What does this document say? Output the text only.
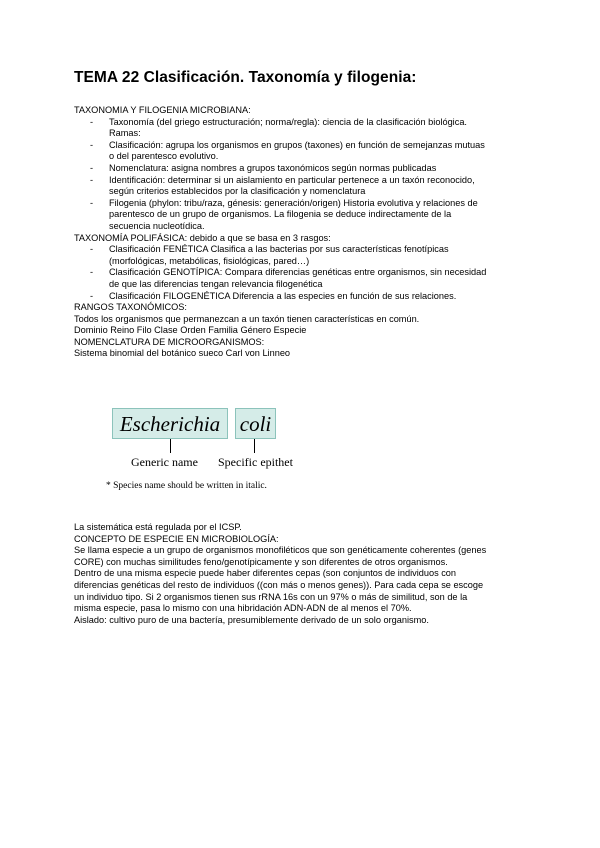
TEMA 22 Clasificación. Taxonomía y filogenia:
TAXONOMIA Y FILOGENIA MICROBIANA:
- Taxonomía (del griego estructuración; norma/regla): ciencia de la clasificación biológica.
Ramas:
- Clasificación: agrupa los organismos en grupos (taxones) en función de semejanzas mutuas
o del parentesco evolutivo.
- Nomenclatura: asigna nombres a grupos taxonómicos según normas publicadas
- Identificación: determinar si un aislamiento en particular pertenece a un taxón reconocido,
según criterios establecidos por la clasificación y nomenclatura
- Filogenia (phylon: tribu/raza, génesis: generación/origen) Historia evolutiva y relaciones de
parentesco de un grupo de organismos. La filogenia se deduce indirectamente de la
secuencia nucleotídica.
TAXONOMÍA POLIFÁSICA: debido a que se basa en 3 rasgos:
- Clasificación FENÉTICA Clasifica a las bacterias por sus características fenotípicas
(morfológicas, metabólicas, fisiológicas, pared…)
- Clasificación GENOTÍPICA: Compara diferencias genéticas entre organismos, sin necesidad
de que las diferencias tengan relevancia filogenética
- Clasificación FILOGENÉTICA Diferencia a las especies en función de sus relaciones.
RANGOS TAXONÓMICOS:
Todos los organismos que permanezcan a un taxón tienen características en común.
Dominio Reino Filo Clase Orden Familia Género Especie
NOMENCLATURA DE MICROORGANISMOS:
Sistema binomial del botánico sueco Carl von Linneo
Escherichia coli
Generic name Specific epithet
* Species name should be written in italic.
La sistemática está regulada por el ICSP.
CONCEPTO DE ESPECIE EN MICROBIOLOGÍA:
Se llama especie a un grupo de organismos monofiléticos que son genéticamente coherentes (genes
CORE) con muchas similitudes feno/genotípicamente y son diferentes de otros organismos.
Dentro de una misma especie puede haber diferentes cepas (son conjuntos de individuos con
diferencias genéticas del resto de individuos ((con más o menos genes)). Para cada cepa se escoge
un individuo tipo. Si 2 organismos tienen sus rRNA 16s con un 97% o más de similitud, son de la
misma especie, pasa lo mismo con una hibridación ADN-ADN de al menos el 70%.
Aislado: cultivo puro de una bactería, presumiblemente derivado de un solo organismo.
